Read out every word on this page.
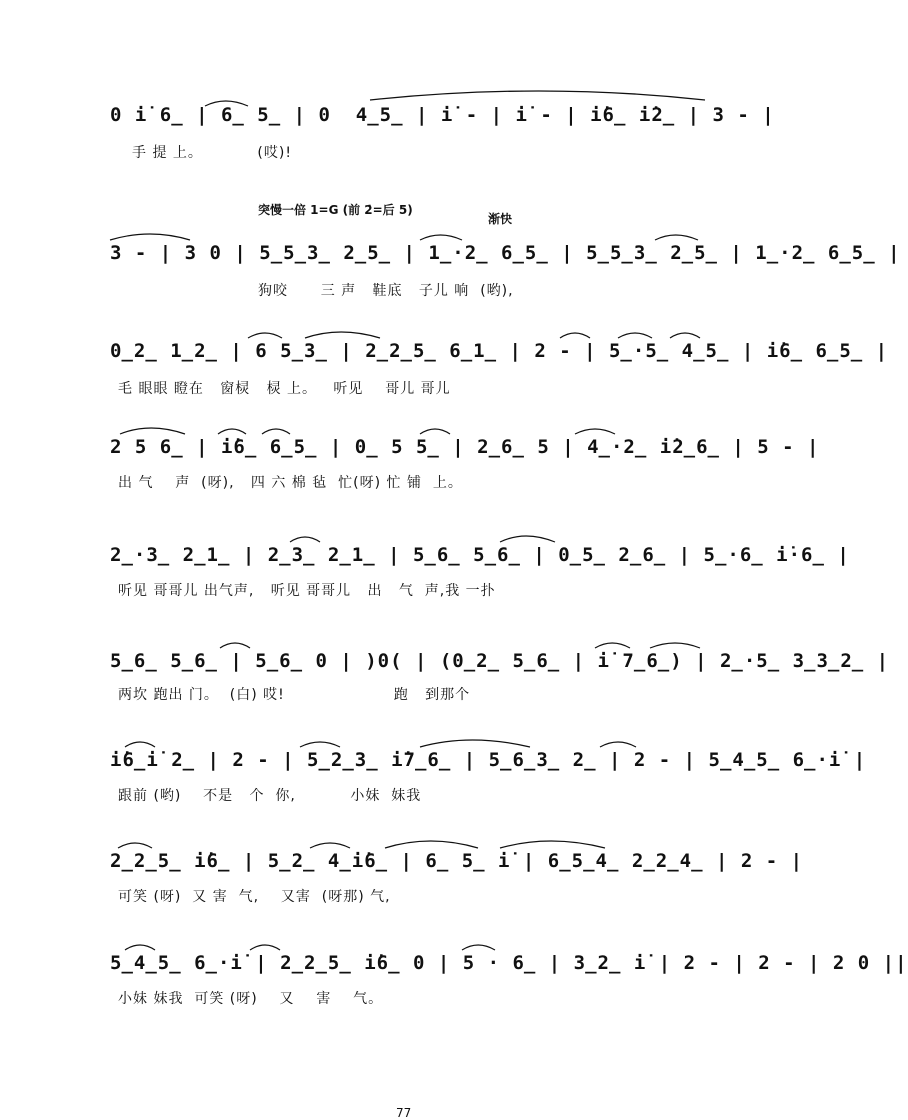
0 i̇ 6̲ | 6̲ 5̲ | 0  4̲5̲ | i̇ - | i̇ - | i̇6̲ i̇2̲ | 3 - |
手 提 上。          (哎)!
突慢一倍 1=G (前 2̇=后 5)
渐快
3 - | 3 0 | 5̲5̲3̲ 2̲5̲ | 1̲·2̲ 6̲5̲ | 5̲5̲3̲ 2̲5̲ | 1̲·2̲ 6̲5̲ |
狗咬      三 声   鞋底   子儿 响  (哟),
0̲2̲ 1̲2̲ | 6 5̲3̲ | 2̲2̲5̲ 6̲1̲ | 2 - | 5̲·5̲ 4̲5̲ | i̇6̲ 6̲5̲ |
毛 眼眼 瞪在   窗棂   棂 上。   听见    哥儿 哥儿
2 5 6̲ | i̇6̲ 6̲5̲ | 0̲ 5 5̲ | 2̲6̲ 5 | 4̲·2̲ i̇2̲6̲ | 5 - |
出 气    声  (呀),   四 六 棉 毡  忙(呀) 忙 铺  上。
2̲·3̲ 2̲1̲ | 2̲3̲ 2̲1̲ | 5̲6̲ 5̲6̲ | 0̲5̲ 2̲6̲ | 5̲·6̲ i̇·6̲ |
听见 哥哥儿 出气声,   听见 哥哥儿   出   气  声,我 一扑
5̲6̲ 5̲6̲ | 5̲6̲ 0 | )0( | (0̲2̲ 5̲6̲ | i̇ 7̲6̲) | 2̲·5̲ 3̲3̲2̲ |
两坎 跑出 门。  (白) 哎!                    跑   到那个
i̇6̲i̇ 2̲ | 2 - | 5̲2̲3̲ i̇7̲6̲ | 5̲6̲3̲ 2̲ | 2 - | 5̲4̲5̲ 6̲·i̇ |
跟前 (哟)    不是   个  你,          小妹  妹我
2̲2̲5̲ i̇6̲ | 5̲2̲ 4̲i̇6̲ | 6̲ 5̲ i̇ | 6̲5̲4̲ 2̲2̲4̲ | 2 - |
可笑 (呀)  又 害  气,    又害  (呀那) 气,
5̲4̲5̲ 6̲·i̇ | 2̲2̲5̲ i̇6̲ 0 | 5 · 6̲ | 3̲2̲ i̇ | 2 - | 2 - | 2 0 ||
小妹 妹我  可笑 (呀)    又    害    气。
77
